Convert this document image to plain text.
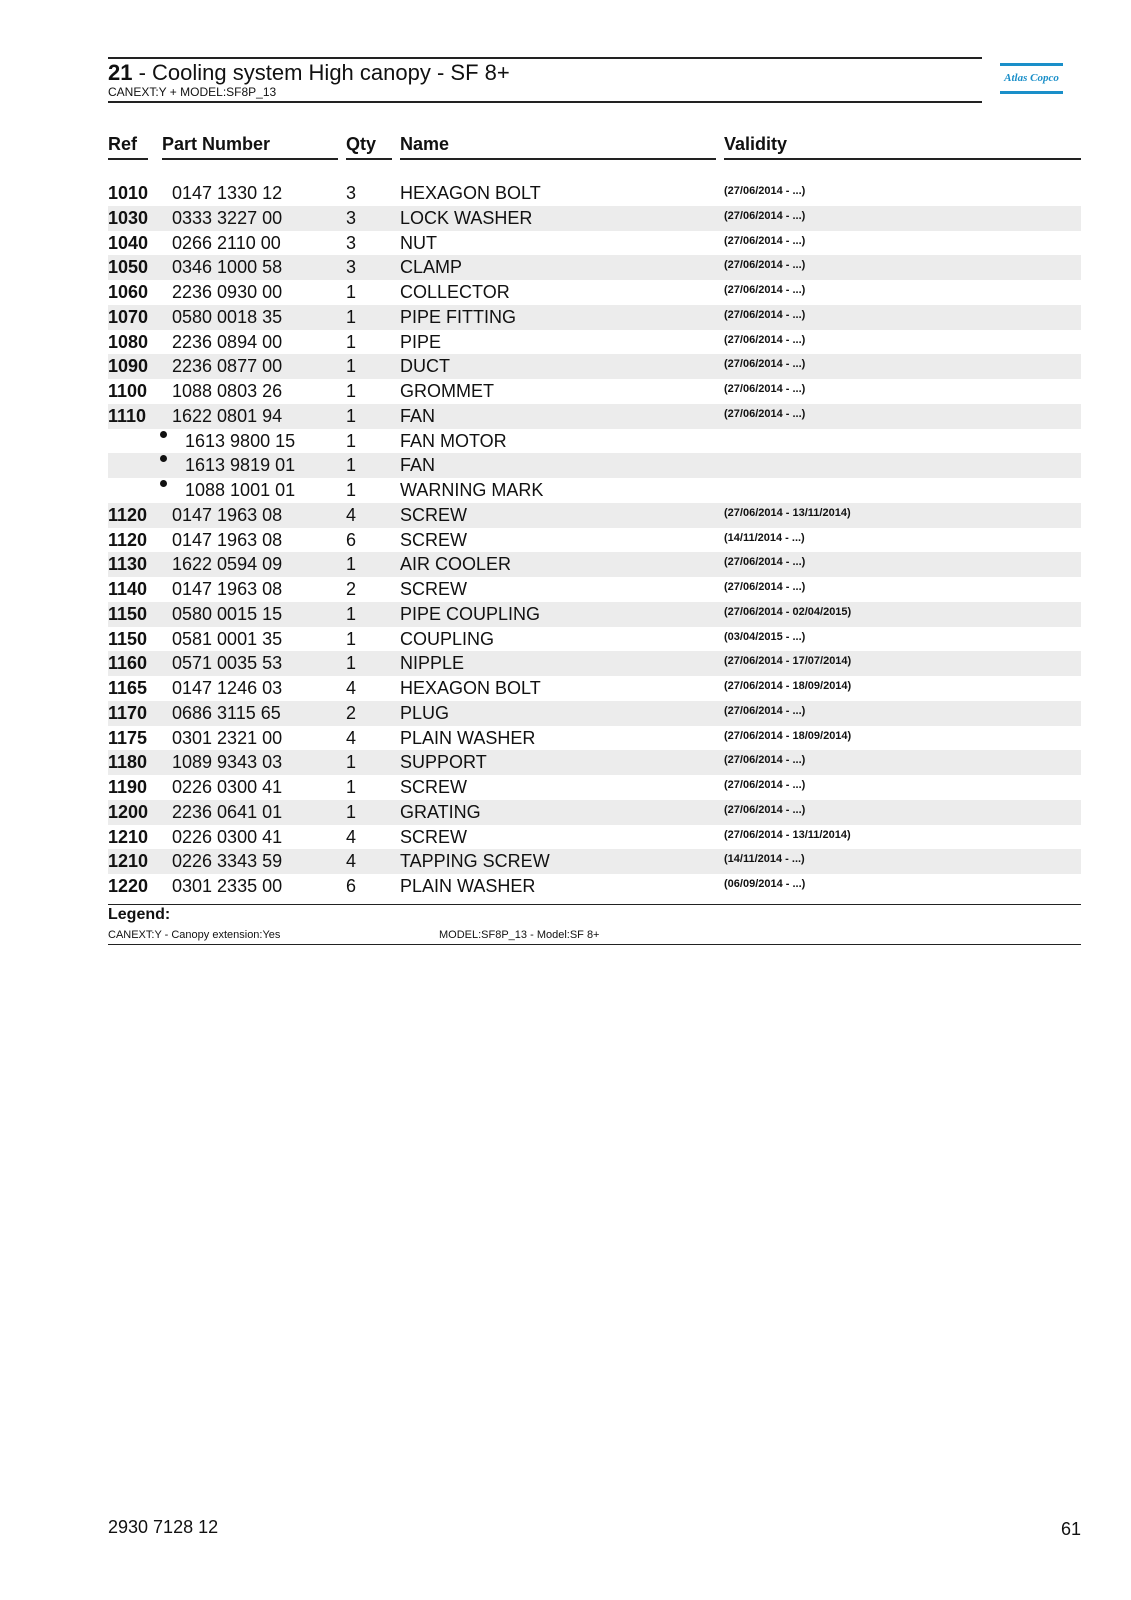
21 - Cooling system High canopy - SF 8+
CANEXT:Y + MODEL:SF8P_13
Atlas Copco
Ref Part Number	Qty Name	Validity
1010 0147 1330 12	3 HEXAGON BOLT	(27/06/2014 - ...)
1030 0333 3227 00	3 LOCK WASHER	(27/06/2014 - ...)
1040 0266 2110 00	3 NUT	(27/06/2014 - ...)
1050 0346 1000 58	3 CLAMP	(27/06/2014 - ...)
1060 2236 0930 00	1 COLLECTOR	(27/06/2014 - ...)
1070 0580 0018 35	1 PIPE FITTING	(27/06/2014 - ...)
1080 2236 0894 00	1 PIPE	(27/06/2014 - ...)
1090 2236 0877 00	1 DUCT	(27/06/2014 - ...)
1100 1088 0803 26	1 GROMMET	(27/06/2014 - ...)
1110 1622 0801 94	1 FAN	(27/06/2014 - ...)
1613 9800 15	1 FAN MOTOR
1613 9819 01	1 FAN
1088 1001 01	1 WARNING MARK
1120 0147 1963 08	4 SCREW	(27/06/2014 - 13/11/2014)
1120 0147 1963 08	6 SCREW	(14/11/2014 - ...)
1130 1622 0594 09	1 AIR COOLER	(27/06/2014 - ...)
1140 0147 1963 08	2 SCREW	(27/06/2014 - ...)
1150 0580 0015 15	1 PIPE COUPLING	(27/06/2014 - 02/04/2015)
1150 0581 0001 35	1 COUPLING	(03/04/2015 - ...)
1160 0571 0035 53	1 NIPPLE	(27/06/2014 - 17/07/2014)
1165 0147 1246 03	4 HEXAGON BOLT	(27/06/2014 - 18/09/2014)
1170 0686 3115 65	2 PLUG	(27/06/2014 - ...)
1175 0301 2321 00	4 PLAIN WASHER	(27/06/2014 - 18/09/2014)
1180 1089 9343 03	1 SUPPORT	(27/06/2014 - ...)
1190 0226 0300 41	1 SCREW	(27/06/2014 - ...)
1200 2236 0641 01	1 GRATING	(27/06/2014 - ...)
1210 0226 0300 41	4 SCREW	(27/06/2014 - 13/11/2014)
1210 0226 3343 59	4 TAPPING SCREW	(14/11/2014 - ...)
1220 0301 2335 00	6 PLAIN WASHER	(06/09/2014 - ...)
Legend:
CANEXT:Y - Canopy extension:Yes	MODEL:SF8P_13 - Model:SF 8+
2930 7128 12	61
